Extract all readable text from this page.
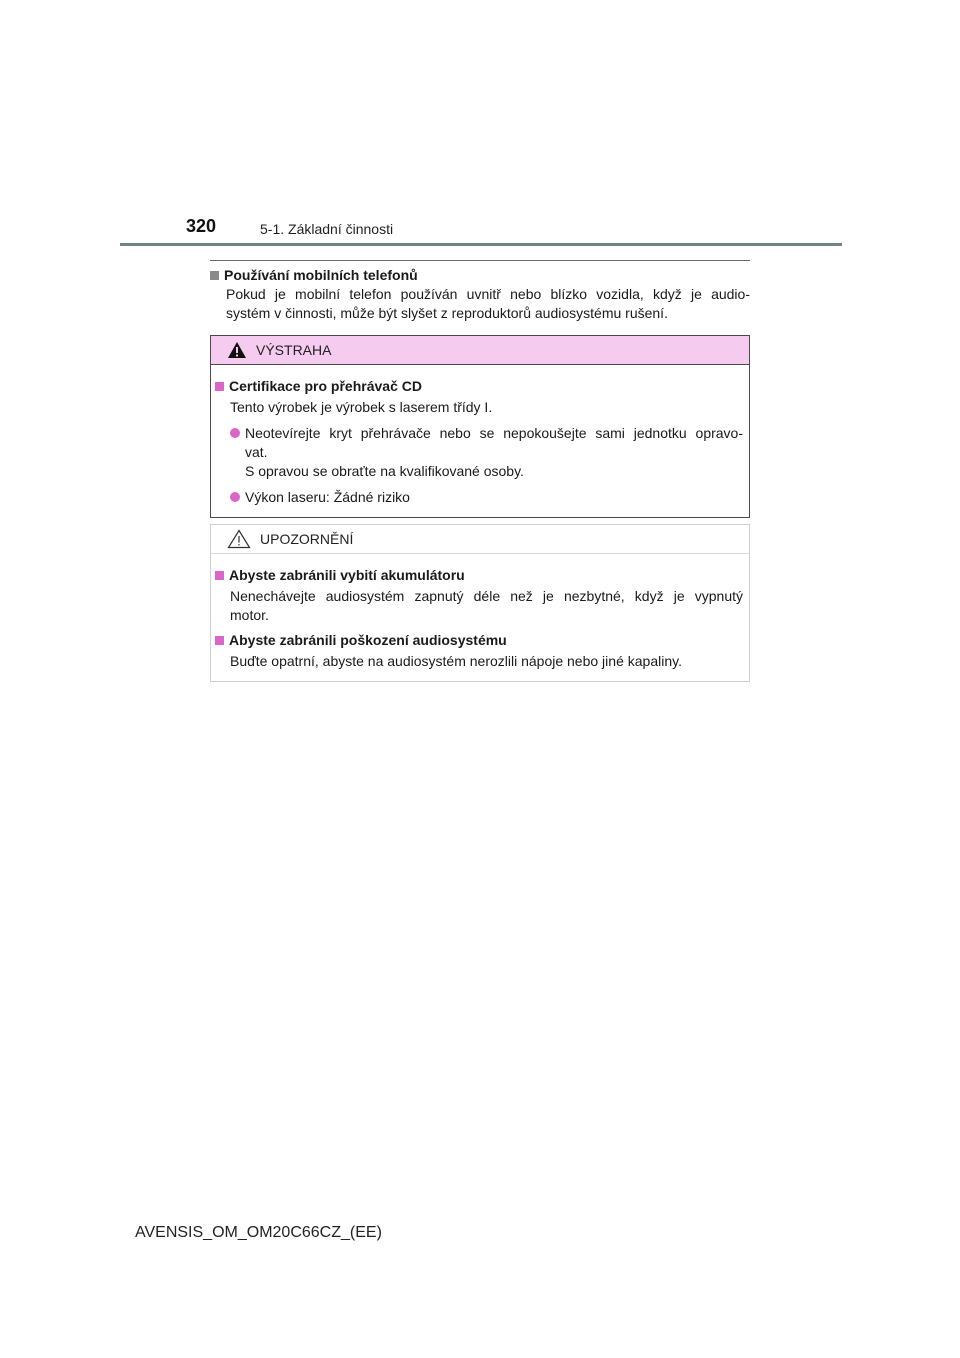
320	5-1. Základní činnosti
Používání mobilních telefonů
Pokud je mobilní telefon používán uvnitř nebo blízko vozidla, když je audio-
systém v činnosti, může být slyšet z reproduktorů audiosystému rušení.
VÝSTRAHA
Certifikace pro přehrávač CD
Tento výrobek je výrobek s laserem třídy I.
Neotevírejte kryt přehrávače nebo se nepokoušejte sami jednotku opravo-
vat.
S opravou se obraťte na kvalifikované osoby.
Výkon laseru: Žádné riziko
UPOZORNĚNÍ
Abyste zabránili vybití akumulátoru
Nenechávejte audiosystém zapnutý déle než je nezbytné, když je vypnutý
motor.
Abyste zabránili poškození audiosystému
Buďte opatrní, abyste na audiosystém nerozlili nápoje nebo jiné kapaliny.
AVENSIS_OM_OM20C66CZ_(EE)
